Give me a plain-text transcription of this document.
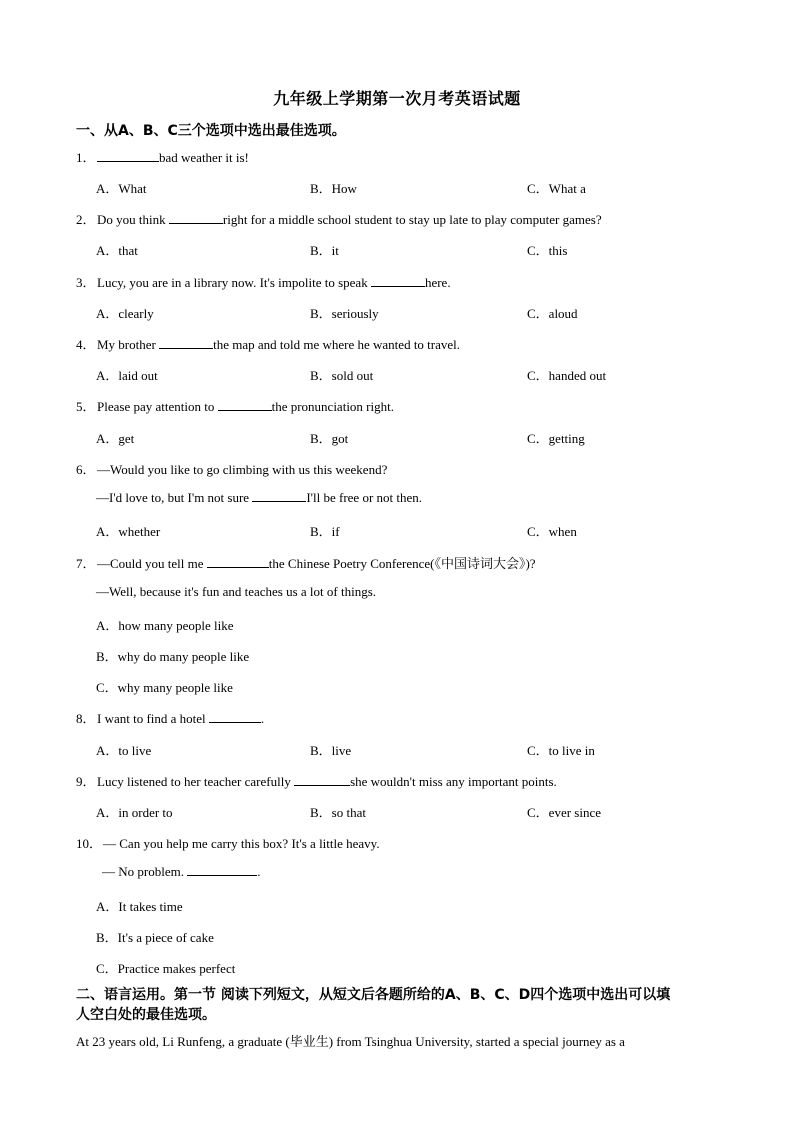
九年级上学期第一次月考英语试题
一、从A、B、C三个选项中选出最佳选项。
1．	bad weather it is!
A．What	B．How	C．What a
2．Do you think	right for a middle school student to stay up late to play computer games?
A．that	B．it	C．this
3．Lucy, you are in a library now. It's impolite to speak	here.
A．clearly	B．seriously	C．aloud
4．My brother	the map and told me where he wanted to travel.
A．laid out	B．sold out	C．handed out
5．Please pay attention to	the pronunciation right.
A．get	B．got	C．getting
6．—Would you like to go climbing with us this weekend?
—I'd love to, but I'm not sure	I'll be free or not then.
A．whether	B．if	C．when
7．—Could you tell me	the Chinese Poetry Conference(《中国诗词大会》)?
—Well, because it's fun and teaches us a lot of things.
A．how many people like
B．why do many people like
C．why many people like
8．I want to find a hotel	.
A．to live	B．live	C．to live in
9．Lucy listened to her teacher carefully	she wouldn't miss any important points.
A．in order to	B．so that	C．ever since
10．— Can you help me carry this box? It's a little heavy.
— No problem.	.
A．It takes time
B．It's a piece of cake
C．Practice makes perfect
二、语言运用。第一节 阅读下列短文，从短文后各题所给的A、B、C、D四个选项中选出可以填
人空白处的最佳选项。
At 23 years old, Li Runfeng, a graduate (毕业生) from Tsinghua University, started a special journey as a
